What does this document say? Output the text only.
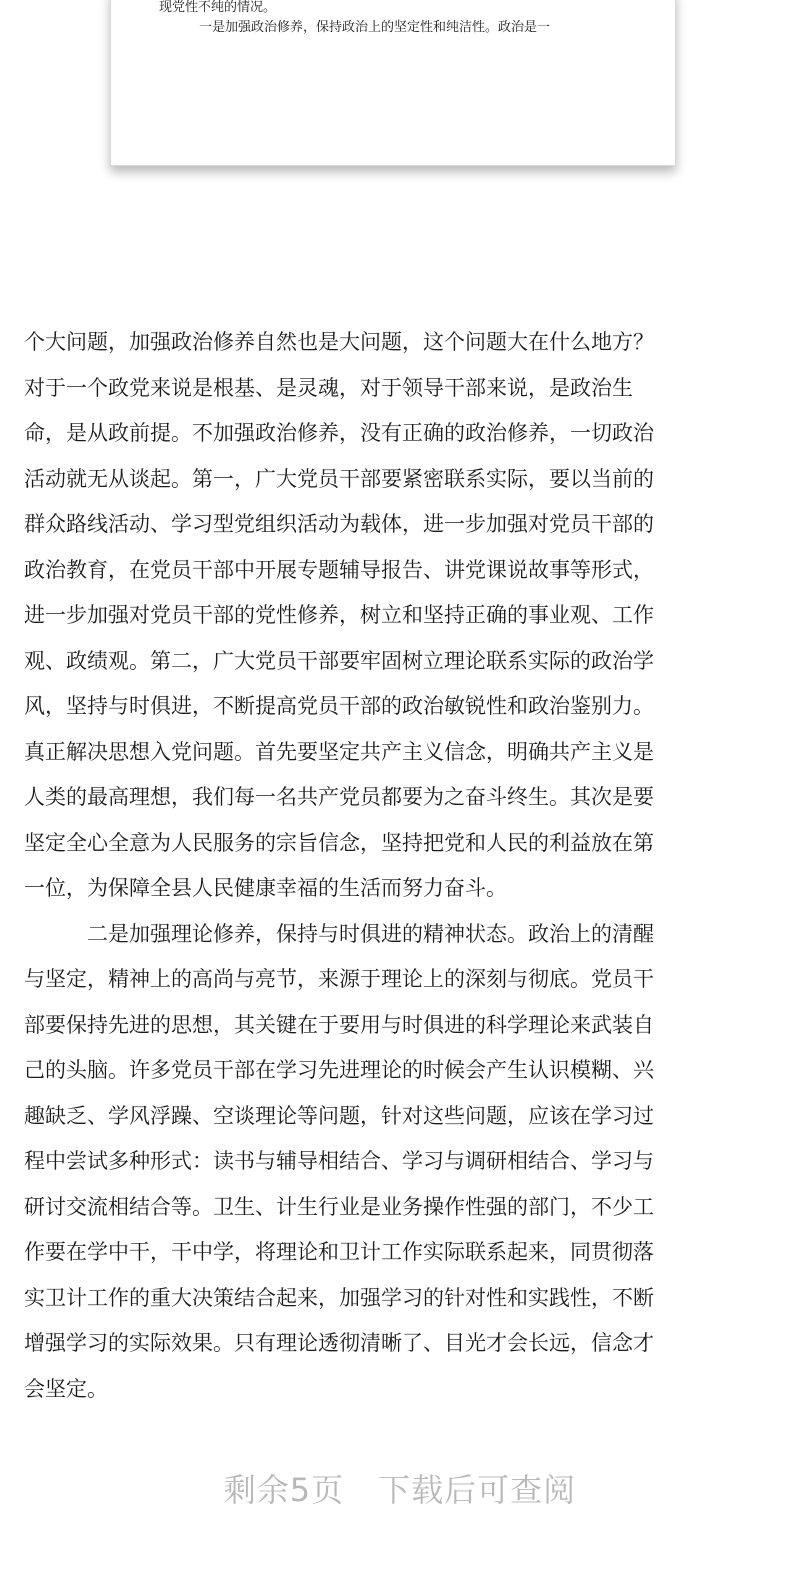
现党性不纯的情况。
一是加强政治修养，保持政治上的坚定性和纯洁性。政治是一
个大问题，加强政治修养自然也是大问题，这个问题大在什么地方？
对于一个政党来说是根基、是灵魂，对于领导干部来说，是政治生
命，是从政前提。不加强政治修养，没有正确的政治修养，一切政治
活动就无从谈起。第一，广大党员干部要紧密联系实际，要以当前的
群众路线活动、学习型党组织活动为载体，进一步加强对党员干部的
政治教育，在党员干部中开展专题辅导报告、讲党课说故事等形式，
进一步加强对党员干部的党性修养，树立和坚持正确的事业观、工作
观、政绩观。第二，广大党员干部要牢固树立理论联系实际的政治学
风，坚持与时俱进，不断提高党员干部的政治敏锐性和政治鉴别力。
真正解决思想入党问题。首先要坚定共产主义信念，明确共产主义是
人类的最高理想，我们每一名共产党员都要为之奋斗终生。其次是要
坚定全心全意为人民服务的宗旨信念，坚持把党和人民的利益放在第
一位，为保障全县人民健康幸福的生活而努力奋斗。
二是加强理论修养，保持与时俱进的精神状态。政治上的清醒
与坚定，精神上的高尚与亮节，来源于理论上的深刻与彻底。党员干
部要保持先进的思想，其关键在于要用与时俱进的科学理论来武装自
己的头脑。许多党员干部在学习先进理论的时候会产生认识模糊、兴
趣缺乏、学风浮躁、空谈理论等问题，针对这些问题，应该在学习过
程中尝试多种形式：读书与辅导相结合、学习与调研相结合、学习与
研讨交流相结合等。卫生、计生行业是业务操作性强的部门，不少工
作要在学中干，干中学，将理论和卫计工作实际联系起来，同贯彻落
实卫计工作的重大决策结合起来，加强学习的针对性和实践性，不断
增强学习的实际效果。只有理论透彻清晰了、目光才会长远，信念才
会坚定。
剩余5页 下载后可查阅
